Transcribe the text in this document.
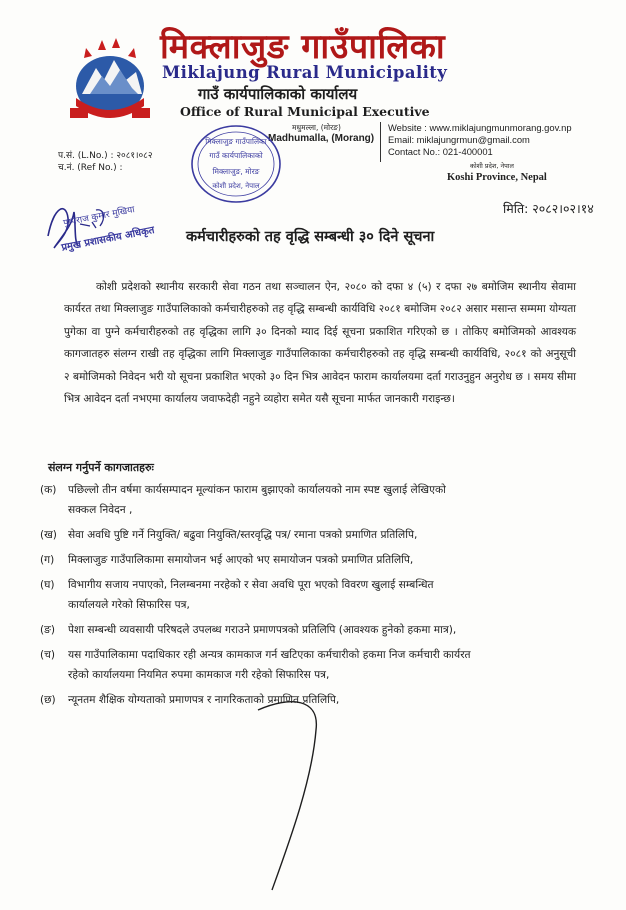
मिक्लाजुङ गाउँपालिका
Miklajung Rural Municipality
गाउँ कार्यपालिकाको कार्यालय
Office of Rural Municipal Executive
मधुमल्ला, (मोरङ)
Madhumalla, (Morang)
Website : www.miklajungmunmorang.gov.np
Email: miklajungrmun@gmail.com
Contact No.: 021-400001
कोशी प्रदेश, नेपाल
Koshi Province, Nepal
प.सं. (L.No.) : २०८१।०८२
च.नं. (Ref No.) :
मिक्लाजुङ गाउँपालिका
गाउँ कार्यपालिकाको
मिक्लाजुङ, मोरङ
कोशी प्रदेश, नेपाल
मिति: २०८२।०२।१४
पुष्पराज कुमार मुखिया
प्रमुख प्रशासकीय अधिकृत कर्मचारीहरुको तह वृद्धि सम्बन्धी ३० दिने सूचना

कोशी प्रदेशको स्थानीय सरकारी सेवा गठन तथा सञ्चालन ऐन, २०८० को दफा ४ (५) र दफा २७ बमोजिम स्थानीय सेवामा कार्यरत तथा मिक्लाजुङ गाउँपालिकाको कर्मचारीहरुको तह वृद्धि सम्बन्धी कार्यविधि २०८१ बमोजिम २०८२ असार मसान्त सम्ममा योग्यता पुगेका वा पुग्ने कर्मचारीहरुको तह वृद्धिका लागि ३० दिनको म्याद दिई सूचना प्रकाशित गरिएको छ । तोकिए बमोजिमको आवश्यक कागजातहरु संलग्न राखी तह वृद्धिका लागि मिक्लाजुङ गाउँपालिकाका कर्मचारीहरुको तह वृद्धि सम्बन्धी कार्यविधि, २०८१ को अनुसूची २ बमोजिमको निवेदन भरी यो सूचना प्रकाशित भएको ३० दिन भित्र आवेदन फाराम कार्यालयमा दर्ता गराउनुहुन अनुरोध छ । समय सीमा भित्र आवेदन दर्ता नभएमा कार्यालय जवाफदेही नहुने व्यहोरा समेत यसै सूचना मार्फत जानकारी गराइन्छ।

संलग्न गर्नुपर्ने कागजातहरुः
(क) पछिल्लो तीन वर्षमा कार्यसम्पादन मूल्यांकन फाराम बुझाएको कार्यालयको नाम स्पष्ट खुलाई लेखिएको
सक्कल निवेदन ,
(ख) सेवा अवधि पुष्टि गर्ने नियुक्ति/ बढुवा नियुक्ति/स्तरवृद्धि पत्र/ रमाना पत्रको प्रमाणित प्रतिलिपि,
(ग) मिक्लाजुङ गाउँपालिकामा समायोजन भई आएको भए समायोजन पत्रको प्रमाणित प्रतिलिपि,
(घ) विभागीय सजाय नपाएको, निलम्बनमा नरहेको र सेवा अवधि पूरा भएको विवरण खुलाई सम्बन्धित
कार्यालयले गरेको सिफारिस पत्र,
(ङ) पेशा सम्बन्धी व्यवसायी परिषदले उपलब्ध गराउने प्रमाणपत्रको प्रतिलिपि (आवश्यक हुनेको हकमा मात्र),
(च) यस गाउँपालिकामा पदाधिकार रही अन्यत्र कामकाज गर्न खटिएका कर्मचारीको हकमा निज कर्मचारी कार्यरत
रहेको कार्यालयमा नियमित रुपमा कामकाज गरी रहेको सिफारिस पत्र,
(छ) न्यूनतम शैक्षिक योग्यताको प्रमाणपत्र र नागरिकताको प्रमाणित प्रतिलिपि,
